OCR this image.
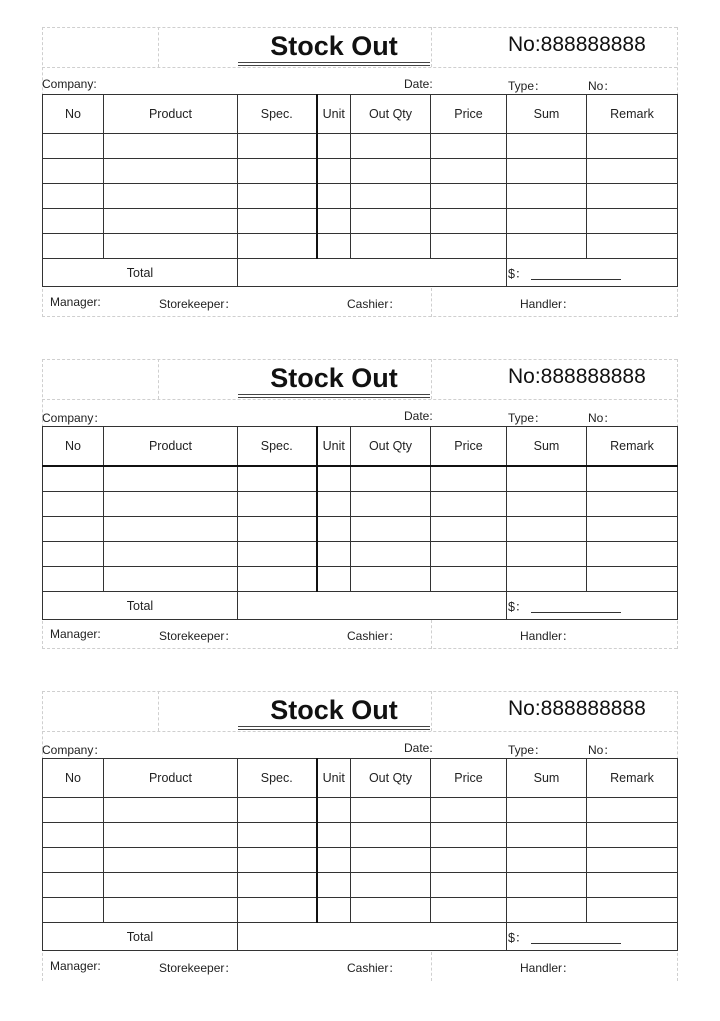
Stock Out	No:888888888
Company:	Date:	Type：	No：
No	Product	Spec.	Unit	Out Qty	Price	Sum	Remark

Total						$：	
Manager:	Storekeeper：	Cashier：	Handler：
Stock Out	No:888888888
Company：	Date:	Type：	No：
No	Product	Spec.	Unit	Out Qty	Price	Sum	Remark

Total						$：	
Manager:	Storekeeper：	Cashier：	Handler：
Stock Out	No:888888888
Company：	Date:	Type：	No：
No	Product	Spec.	Unit	Out Qty	Price	Sum	Remark

Total						$：	
Manager:	Storekeeper：	Cashier：	Handler：
